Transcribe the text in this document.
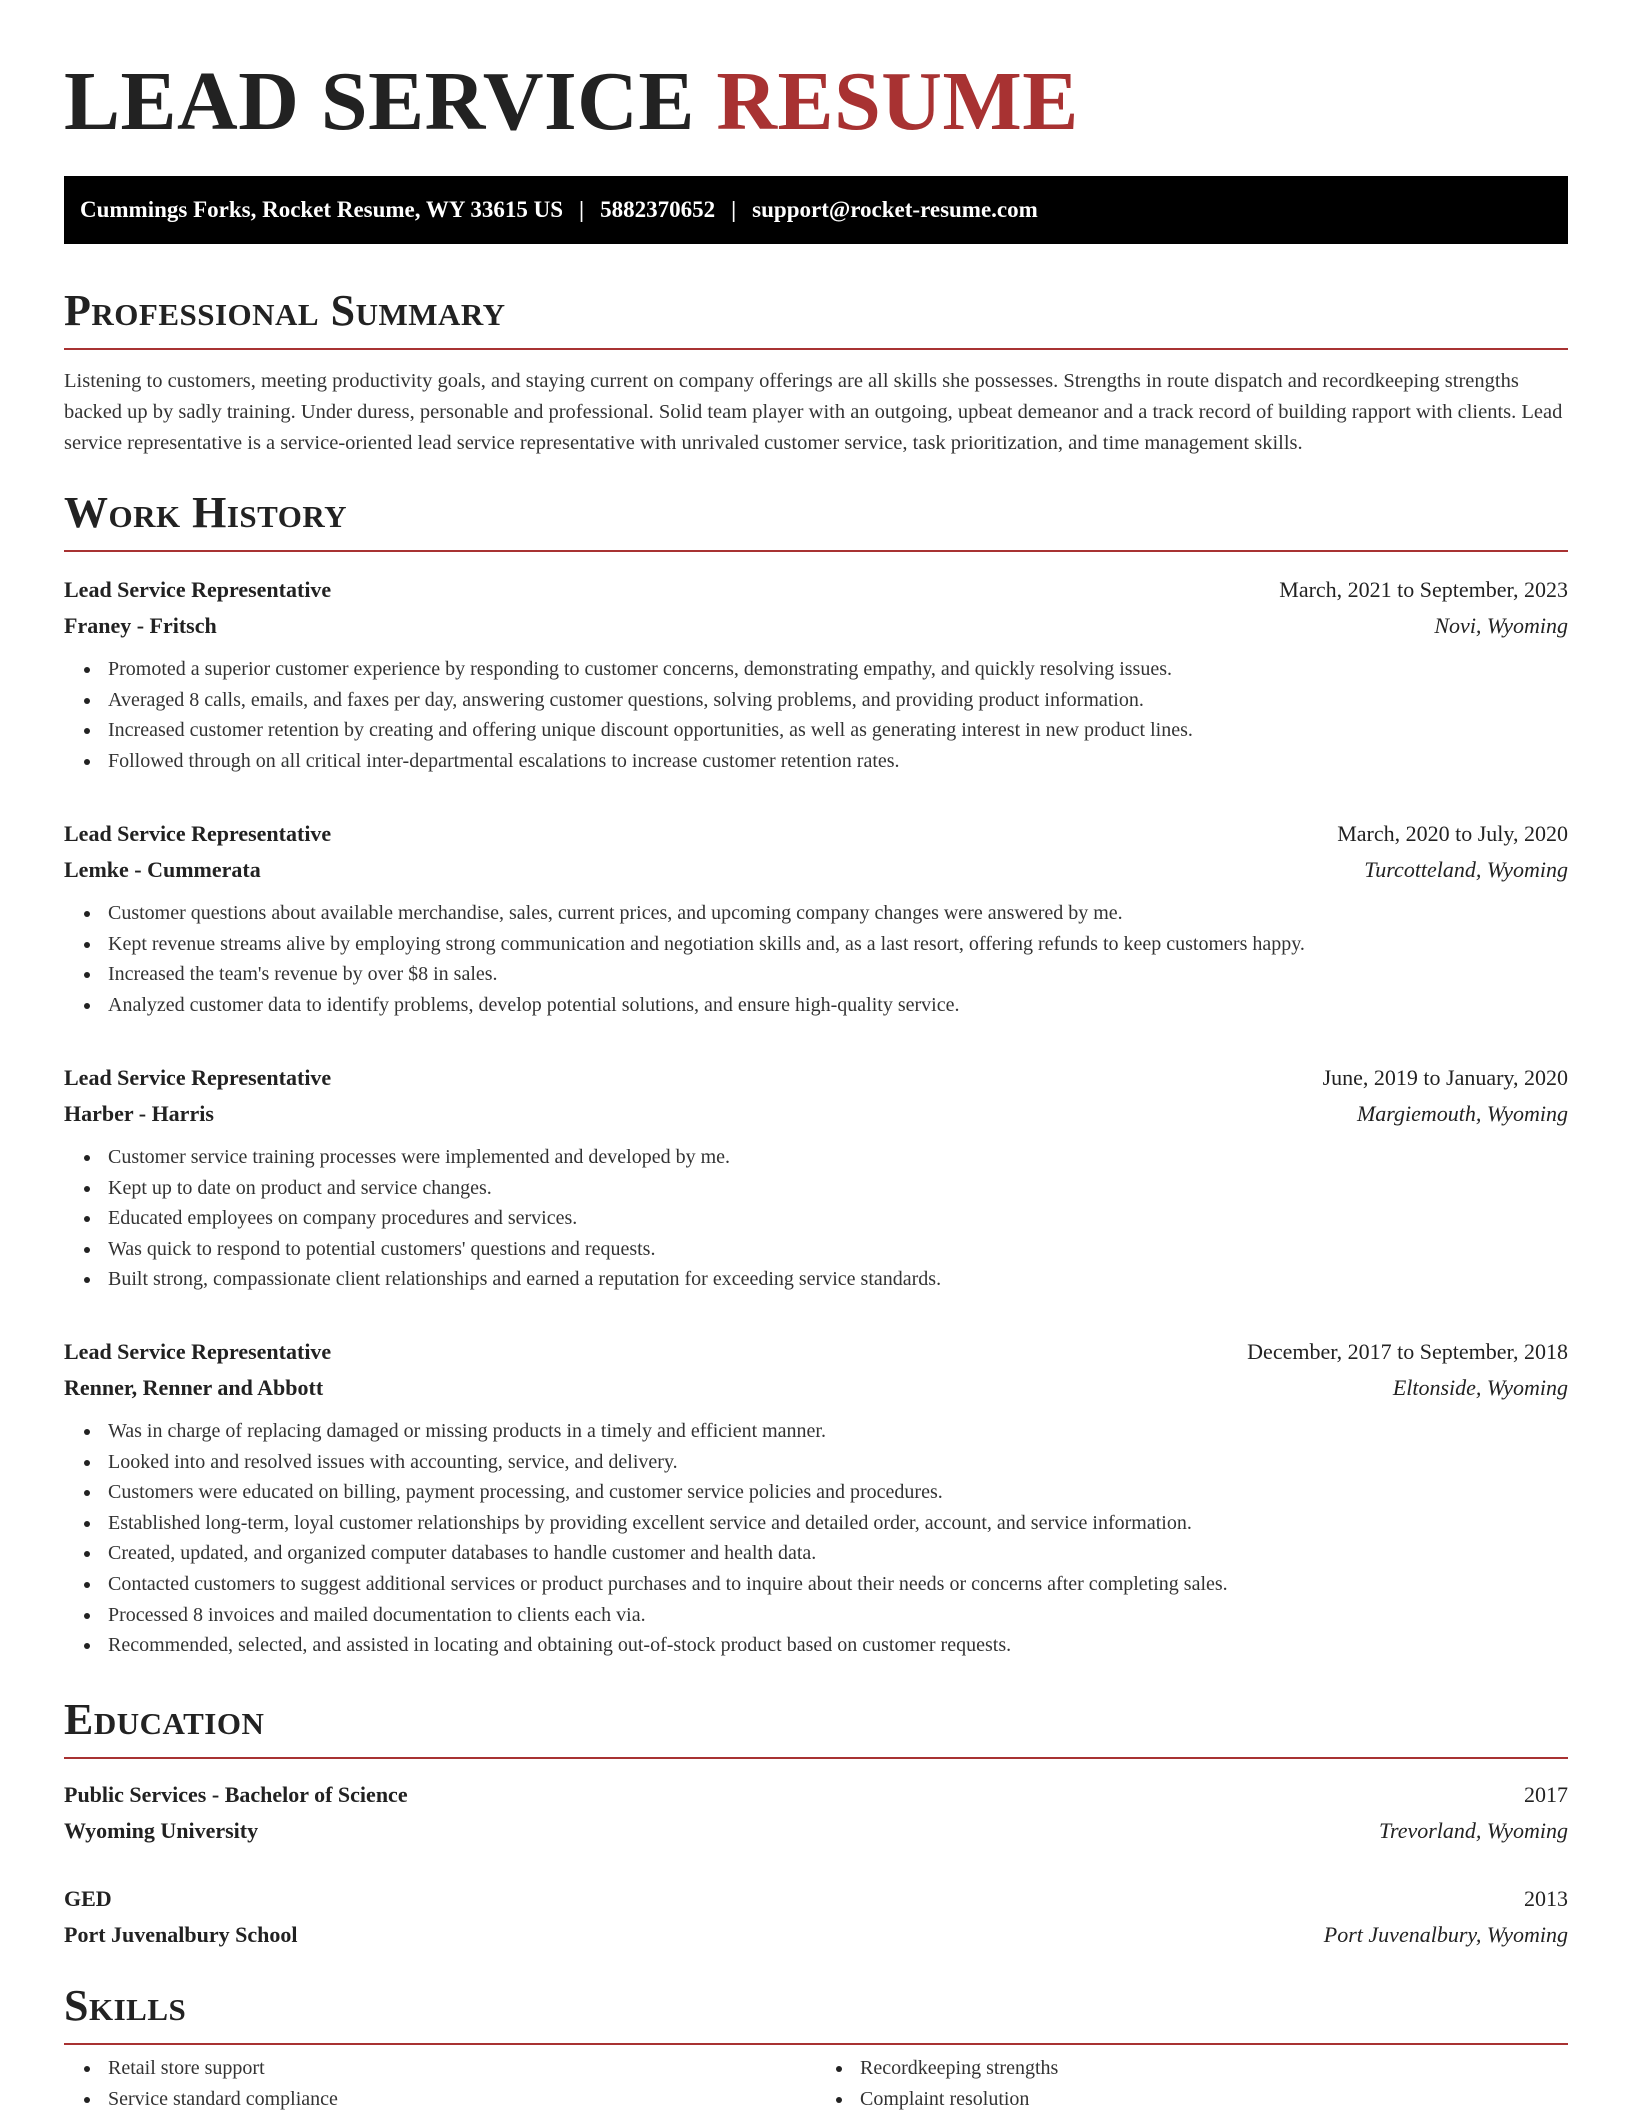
LEAD SERVICE RESUME
Cummings Forks, Rocket Resume, WY 33615 US | 5882370652 | support@rocket-resume.com
Professional Summary
Listening to customers, meeting productivity goals, and staying current on company offerings are all skills she possesses. Strengths in route dispatch and recordkeeping strengths backed up by sadly training. Under duress, personable and professional. Solid team player with an outgoing, upbeat demeanor and a track record of building rapport with clients. Lead service representative is a service-oriented lead service representative with unrivaled customer service, task prioritization, and time management skills.
Work History
Lead Service Representative	March, 2021 to September, 2023
Franey - Fritsch	Novi, Wyoming
Promoted a superior customer experience by responding to customer concerns, demonstrating empathy, and quickly resolving issues.
Averaged 8 calls, emails, and faxes per day, answering customer questions, solving problems, and providing product information.
Increased customer retention by creating and offering unique discount opportunities, as well as generating interest in new product lines.
Followed through on all critical inter-departmental escalations to increase customer retention rates.
Lead Service Representative	March, 2020 to July, 2020
Lemke - Cummerata	Turcotteland, Wyoming
Customer questions about available merchandise, sales, current prices, and upcoming company changes were answered by me.
Kept revenue streams alive by employing strong communication and negotiation skills and, as a last resort, offering refunds to keep customers happy.
Increased the team's revenue by over $8 in sales.
Analyzed customer data to identify problems, develop potential solutions, and ensure high-quality service.
Lead Service Representative	June, 2019 to January, 2020
Harber - Harris	Margiemouth, Wyoming
Customer service training processes were implemented and developed by me.
Kept up to date on product and service changes.
Educated employees on company procedures and services.
Was quick to respond to potential customers' questions and requests.
Built strong, compassionate client relationships and earned a reputation for exceeding service standards.
Lead Service Representative	December, 2017 to September, 2018
Renner, Renner and Abbott	Eltonside, Wyoming
Was in charge of replacing damaged or missing products in a timely and efficient manner.
Looked into and resolved issues with accounting, service, and delivery.
Customers were educated on billing, payment processing, and customer service policies and procedures.
Established long-term, loyal customer relationships by providing excellent service and detailed order, account, and service information.
Created, updated, and organized computer databases to handle customer and health data.
Contacted customers to suggest additional services or product purchases and to inquire about their needs or concerns after completing sales.
Processed 8 invoices and mailed documentation to clients each via.
Recommended, selected, and assisted in locating and obtaining out-of-stock product based on customer requests.
Education
Public Services - Bachelor of Science	2017
Wyoming University	Trevorland, Wyoming
GED	2013
Port Juvenalbury School	Port Juvenalbury, Wyoming
Skills
Retail store support
Service standard compliance
Recordkeeping strengths
Complaint resolution
